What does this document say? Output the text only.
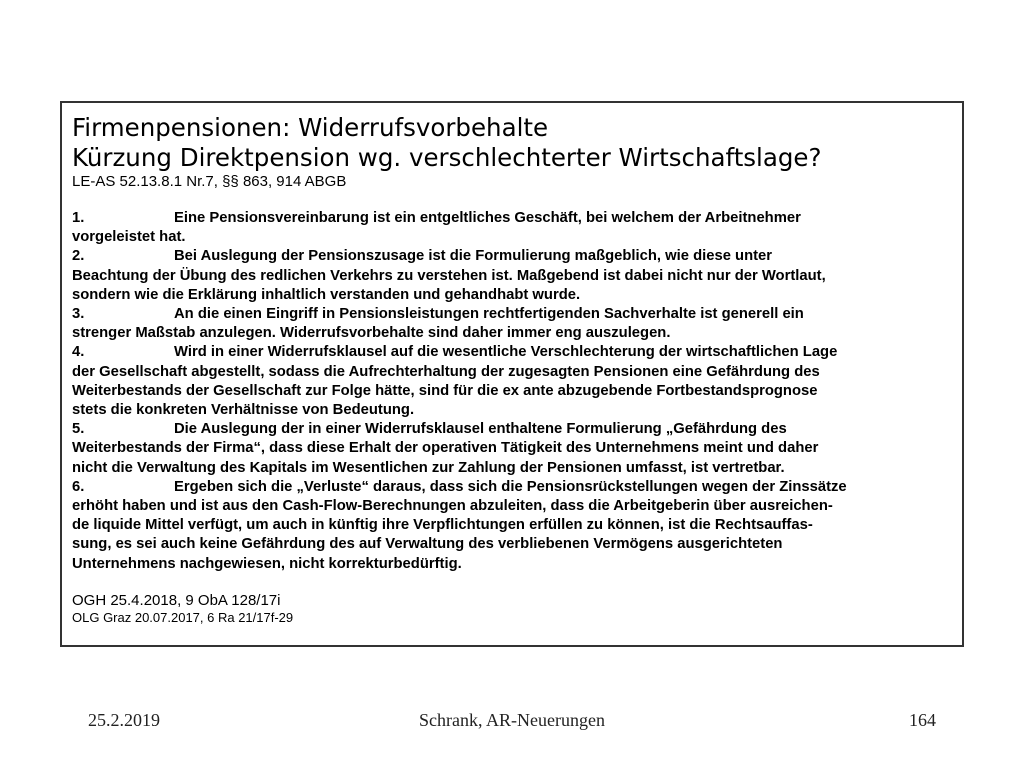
Firmenpensionen: Widerrufsvorbehalte

Kürzung Direktpension wg. verschlechterter Wirtschaftslage?

LE-AS 52.13.8.1 Nr.7, §§ 863, 914 ABGB

1.	Eine Pensionsvereinbarung ist ein entgeltliches Geschäft, bei welchem der Arbeitnehmer
vorgeleistet hat.
2.	Bei Auslegung der Pensionszusage ist die Formulierung maßgeblich, wie diese unter
Beachtung der Übung des redlichen Verkehrs zu verstehen ist. Maßgebend ist dabei nicht nur der Wortlaut,
sondern wie die Erklärung inhaltlich verstanden und gehandhabt wurde.
3.	An die einen Eingriff in Pensionsleistungen rechtfertigenden Sachverhalte ist generell ein
strenger Maßstab anzulegen. Widerrufsvorbehalte sind daher immer eng auszulegen.
4.	Wird in einer Widerrufsklausel auf die wesentliche Verschlechterung der wirtschaftlichen Lage
der Gesellschaft abgestellt, sodass die Aufrechterhaltung der zugesagten Pensionen eine Gefährdung des
Weiterbestands der Gesellschaft zur Folge hätte, sind für die ex ante abzugebende Fortbestandsprognose
stets die konkreten Verhältnisse von Bedeutung.
5.	Die Auslegung der in einer Widerrufsklausel enthaltene Formulierung „Gefährdung des
Weiterbestands der Firma“, dass diese Erhalt der operativen Tätigkeit des Unternehmens meint und daher
nicht die Verwaltung des Kapitals im Wesentlichen zur Zahlung der Pensionen umfasst, ist vertretbar.
6.	Ergeben sich die „Verluste“ daraus, dass sich die Pensionsrückstellungen wegen der Zinssätze
erhöht haben und ist aus den Cash-Flow-Berechnungen abzuleiten, dass die Arbeitgeberin über ausreichen-
de liquide Mittel verfügt, um auch in künftig ihre Verpflichtungen erfüllen zu können, ist die Rechtsauffas-
sung, es sei auch keine Gefährdung des auf Verwaltung des verbliebenen Vermögens ausgerichteten
Unternehmens nachgewiesen, nicht korrekturbedürftig.

OGH 25.4.2018, 9 ObA 128/17i

OLG Graz 20.07.2017, 6 Ra 21/17f-29

25.2.2019	Schrank, AR-Neuerungen	164
